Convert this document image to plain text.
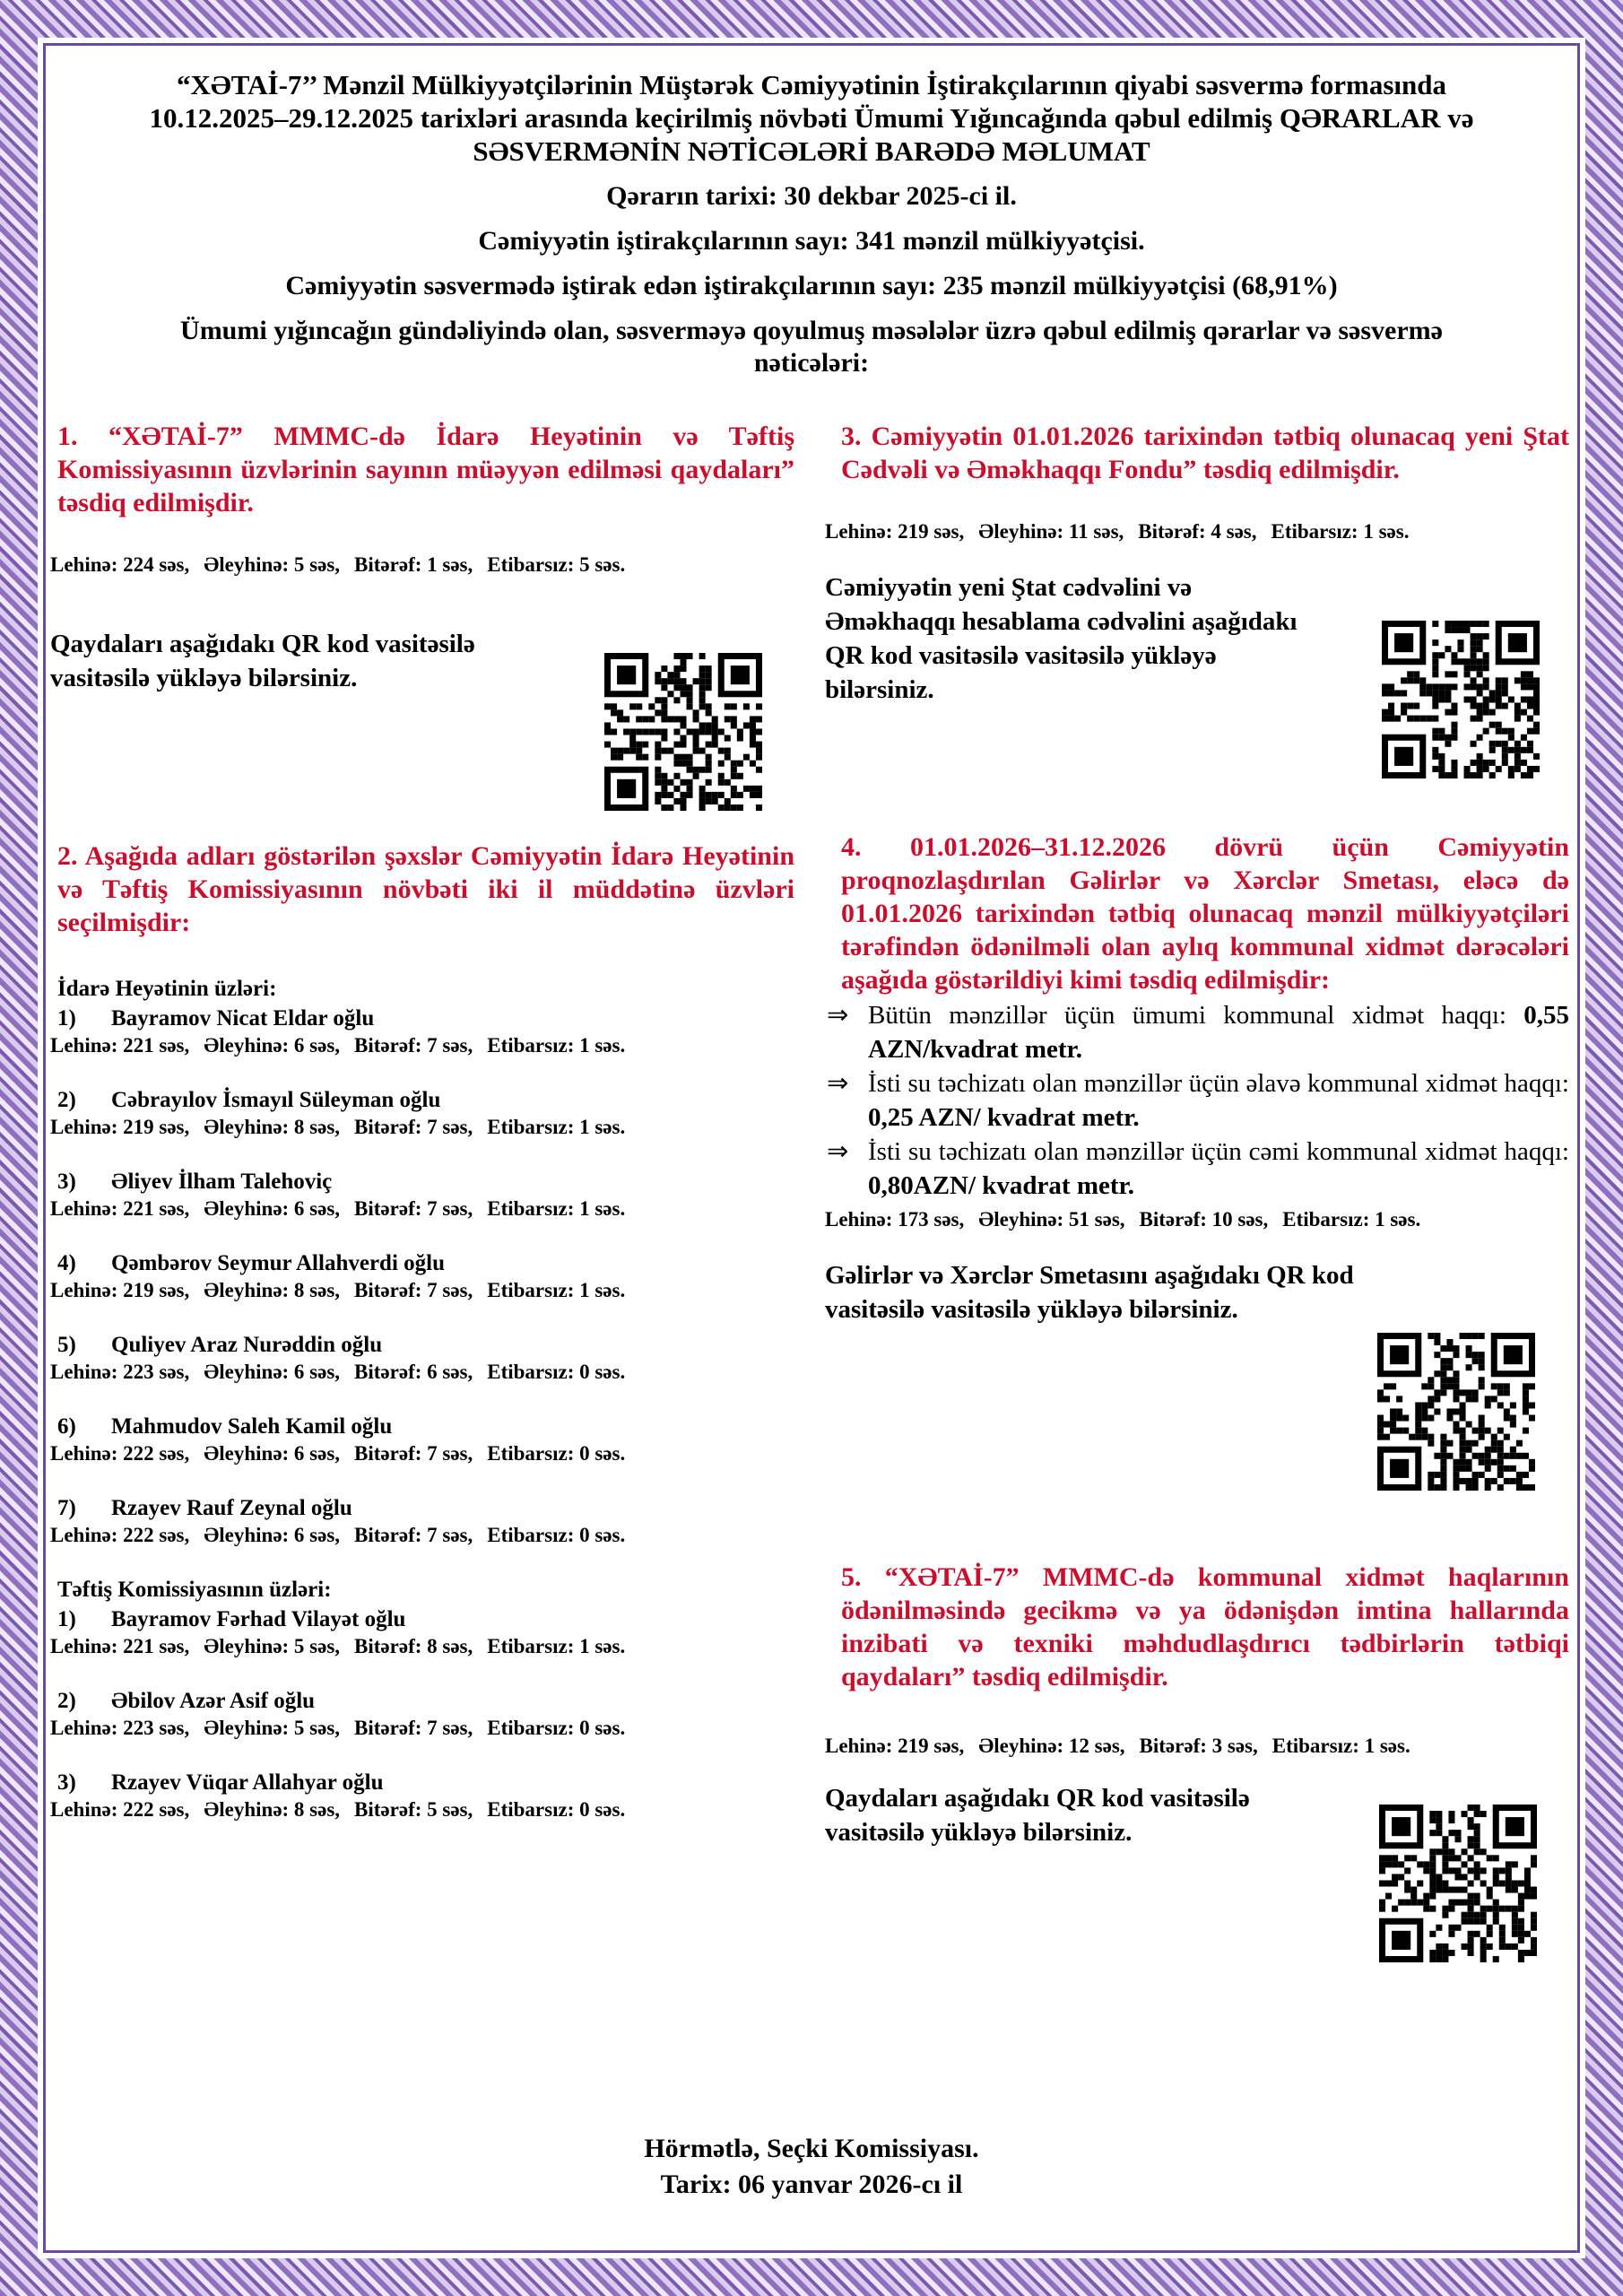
“XƏTAİ-7’’ Mənzil Mülkiyyətçilərinin Müştərək Cəmiyyətinin İştirakçılarının qiyabi səsvermə formasında
10.12.2025–29.12.2025 tarixləri arasında keçirilmiş növbəti Ümumi Yığıncağında qəbul edilmiş QƏRARLAR və
SƏSVERMƏNİN NƏTİCƏLƏRİ BARƏDƏ MƏLUMAT
Qərarın tarixi: 30 dekbar 2025-ci il.
Cəmiyyətin iştirakçılarının sayı: 341 mənzil mülkiyyətçisi.
Cəmiyyətin səsvermədə iştirak edən iştirakçılarının sayı: 235 mənzil mülkiyyətçisi (68,91%)
Ümumi yığıncağın gündəliyində olan, səsverməyə qoyulmuş məsələlər üzrə qəbul edilmiş qərarlar və səsvermə
nəticələri:
1. “XƏTAİ-7” MMMC-də İdarə Heyətinin və Təftiş Komissiyasının üzvlərinin sayının müəyyən edilməsi qaydaları” təsdiq edilmişdir.
Lehinə: 224 səs, Əleyhinə: 5 səs, Bitərəf: 1 səs, Etibarsız: 5 səs.
Qaydaları aşağıdakı QR kod vasitəsilə vasitəsilə yükləyə bilərsiniz.
2. Aşağıda adları göstərilən şəxslər Cəmiyyətin İdarə Heyətinin və Təftiş Komissiyasının növbəti iki il müddətinə üzvləri seçilmişdir:
İdarə Heyətinin üzləri:
1) Bayramov Nicat Eldar oğlu
Lehinə: 221 səs, Əleyhinə: 6 səs, Bitərəf: 7 səs, Etibarsız: 1 səs.
2) Cəbrayılov İsmayıl Süleyman oğlu
Lehinə: 219 səs, Əleyhinə: 8 səs, Bitərəf: 7 səs, Etibarsız: 1 səs.
3) Əliyev İlham Talehoviç
Lehinə: 221 səs, Əleyhinə: 6 səs, Bitərəf: 7 səs, Etibarsız: 1 səs.
4) Qəmbərov Seymur Allahverdi oğlu
Lehinə: 219 səs, Əleyhinə: 8 səs, Bitərəf: 7 səs, Etibarsız: 1 səs.
5) Quliyev Araz Nurəddin oğlu
Lehinə: 223 səs, Əleyhinə: 6 səs, Bitərəf: 6 səs, Etibarsız: 0 səs.
6) Mahmudov Saleh Kamil oğlu
Lehinə: 222 səs, Əleyhinə: 6 səs, Bitərəf: 7 səs, Etibarsız: 0 səs.
7) Rzayev Rauf Zeynal oğlu
Lehinə: 222 səs, Əleyhinə: 6 səs, Bitərəf: 7 səs, Etibarsız: 0 səs.
Təftiş Komissiyasının üzləri:
1) Bayramov Fərhad Vilayət oğlu
Lehinə: 221 səs, Əleyhinə: 5 səs, Bitərəf: 8 səs, Etibarsız: 1 səs.
2) Əbilov Azər Asif oğlu
Lehinə: 223 səs, Əleyhinə: 5 səs, Bitərəf: 7 səs, Etibarsız: 0 səs.
3) Rzayev Vüqar Allahyar oğlu
Lehinə: 222 səs, Əleyhinə: 8 səs, Bitərəf: 5 səs, Etibarsız: 0 səs.
3. Cəmiyyətin 01.01.2026 tarixindən tətbiq olunacaq yeni Ştat Cədvəli və Əməkhaqqı Fondu” təsdiq edilmişdir.
Lehinə: 219 səs, Əleyhinə: 11 səs, Bitərəf: 4 səs, Etibarsız: 1 səs.
Cəmiyyətin yeni Ştat cədvəlini və Əməkhaqqı hesablama cədvəlini aşağıdakı QR kod vasitəsilə vasitəsilə yükləyə bilərsiniz.
4. 01.01.2026–31.12.2026 dövrü üçün Cəmiyyətin proqnozlaşdırılan Gəlirlər və Xərclər Smetası, eləcə də 01.01.2026 tarixindən tətbiq olunacaq mənzil mülkiyyətçiləri tərəfindən ödənilməli olan aylıq kommunal xidmət dərəcələri aşağıda göstərildiyi kimi təsdiq edilmişdir:
⇒ Bütün mənzillər üçün ümumi kommunal xidmət haqqı: 0,55 AZN/kvadrat metr.
⇒ İsti su təchizatı olan mənzillər üçün əlavə kommunal xidmət haqqı: 0,25 AZN/ kvadrat metr.
⇒ İsti su təchizatı olan mənzillər üçün cəmi kommunal xidmət haqqı: 0,80AZN/ kvadrat metr.
Lehinə: 173 səs, Əleyhinə: 51 səs, Bitərəf: 10 səs, Etibarsız: 1 səs.
Gəlirlər və Xərclər Smetasını aşağıdakı QR kod vasitəsilə vasitəsilə yükləyə bilərsiniz.
5. “XƏTAİ-7” MMMC-də kommunal xidmət haqlarının ödənilməsində gecikmə və ya ödənişdən imtina hallarında inzibati və texniki məhdudlaşdırıcı tədbirlərin tətbiqi qaydaları” təsdiq edilmişdir.
Lehinə: 219 səs, Əleyhinə: 12 səs, Bitərəf: 3 səs, Etibarsız: 1 səs.
Qaydaları aşağıdakı QR kod vasitəsilə vasitəsilə yükləyə bilərsiniz.
Hörmətlə, Seçki Komissiyası.
Tarix: 06 yanvar 2026-cı il
